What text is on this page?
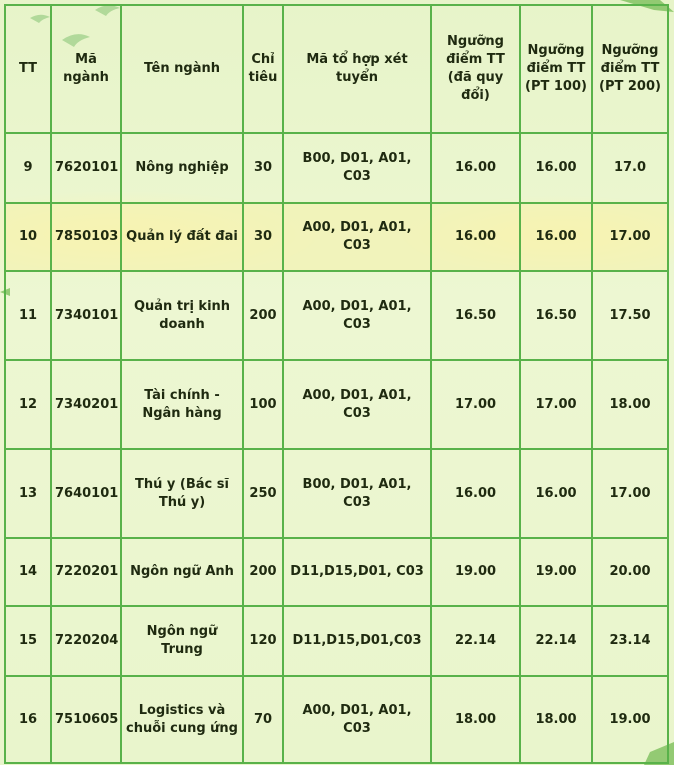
TT	Mã ngành	Tên ngành	Chỉ tiêu	Mã tổ hợp xét tuyển	Ngưỡng điểm TT (đã quy đổi)	Ngưỡng điểm TT (PT 100)	Ngưỡng điểm TT (PT 200)
9	7620101	Nông nghiệp	30	B00, D01, A01, C03	16.00	16.00	17.0
10	7850103	Quản lý đất đai	30	A00, D01, A01, C03	16.00	16.00	17.00
11	7340101	Quản trị kinh doanh	200	A00, D01, A01, C03	16.50	16.50	17.50
12	7340201	Tài chính - Ngân hàng	100	A00, D01, A01, C03	17.00	17.00	18.00
13	7640101	Thú y (Bác sĩ Thú y)	250	B00, D01, A01, C03	16.00	16.00	17.00
14	7220201	Ngôn ngữ Anh	200	D11,D15,D01, C03	19.00	19.00	20.00
15	7220204	Ngôn ngữ Trung	120	D11,D15,D01,C03	22.14	22.14	23.14
16	7510605	Logistics và chuỗi cung ứng	70	A00, D01, A01, C03	18.00	18.00	19.00
